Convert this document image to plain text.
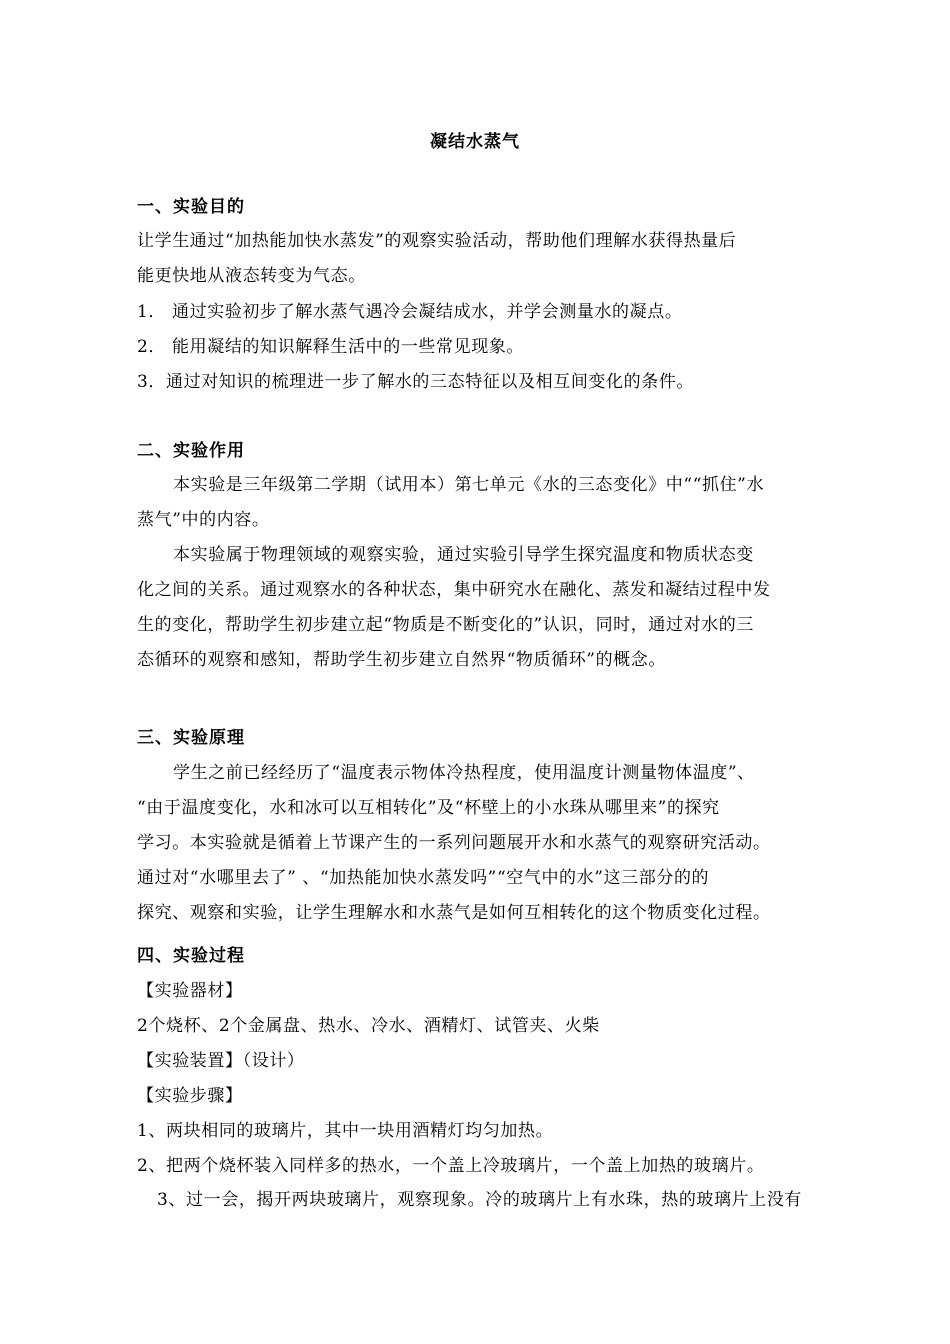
凝结水蒸气
一、实验目的
让学生通过“加热能加快水蒸发”的观察实验活动，帮助他们理解水获得热量后
能更快地从液态转变为气态。
1． 通过实验初步了解水蒸气遇冷会凝结成水，并学会测量水的凝点。
2． 能用凝结的知识解释生活中的一些常见现象。
3．通过对知识的梳理进一步了解水的三态特征以及相互间变化的条件。
二、实验作用
本实验是三年级第二学期（试用本）第七单元《水的三态变化》中““抓住”水
蒸气”中的内容。
本实验属于物理领域的观察实验，通过实验引导学生探究温度和物质状态变
化之间的关系。通过观察水的各种状态，集中研究水在融化、蒸发和凝结过程中发
生的变化，帮助学生初步建立起“物质是不断变化的”认识，同时，通过对水的三
态循环的观察和感知，帮助学生初步建立自然界“物质循环”的概念。
三、实验原理
学生之前已经经历了“温度表示物体冷热程度，使用温度计测量物体温度”、
“由于温度变化，水和冰可以互相转化”及“杯壁上的小水珠从哪里来”的探究
学习。本实验就是循着上节课产生的一系列问题展开水和水蒸气的观察研究活动。
通过对“水哪里去了” 、“加热能加快水蒸发吗”“空气中的水”这三部分的的
探究、观察和实验，让学生理解水和水蒸气是如何互相转化的这个物质变化过程。
四、实验过程
【实验器材】
2个烧杯、2个金属盘、热水、冷水、酒精灯、试管夹、火柴
【实验装置】（设计）
【实验步骤】
1、两块相同的玻璃片，其中一块用酒精灯均匀加热。
2、把两个烧杯装入同样多的热水，一个盖上冷玻璃片，一个盖上加热的玻璃片。
3、过一会，揭开两块玻璃片，观察现象。冷的玻璃片上有水珠，热的玻璃片上没有
